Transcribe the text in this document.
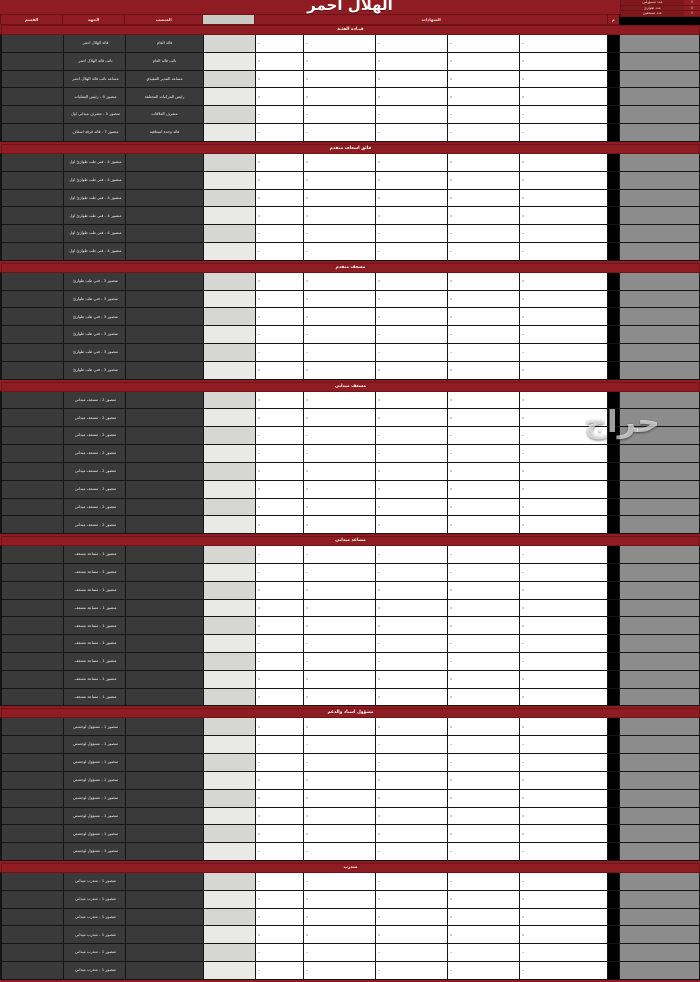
الهلال احمر	0
عدد مسؤولين
0
عدد طوارئ
0
عدد مسعفين
	م	الشهادات		المنصب	الجهة	القسم
قيـادة الفئـة											
								قائد العام	قائد الهلال احمر		
								نائب قائد العام	نائب قائد الهلال احمر		
								مساعد المدير التنفيذي	مساعد نائب قائد الهلال احمر		
								رئيس المركبات المختلفة	منصور 9 - رئيس العمليات		
								مشرف العلاقات	منصور 5 - مشرف ميداني اول		
								قائد وحدة اسعافية	منصور 7 - قائد فرقة اسعاف		
فائق اسعاف متقدم											
									منصور 4 - فني طب طوارئ اول		
									منصور 4 - فني طب طوارئ اول		
									منصور 4 - فني طب طوارئ اول		
									منصور 4 - فني طب طوارئ اول		
									منصور 4 - فني طب طوارئ اول		
									منصور 4 - فني طب طوارئ اول		
مسعف متقدم											
									منصور 3 - فني طب طوارئ		
									منصور 3 - فني طب طوارئ		
									منصور 3 - فني طب طوارئ		
									منصور 3 - فني طب طوارئ		
									منصور 3 - فني طب طوارئ		
									منصور 3 - فني طب طوارئ		
مسعف ميداني											
									منصور 2 - مسعف ميداني		
									منصور 2 - مسعف ميداني		
									منصور 2 - مسعف ميداني		
									منصور 2 - مسعف ميداني		
									منصور 2 - مسعف ميداني		
									منصور 2 - مسعف ميداني		
									منصور 2 - مسعف ميداني		
									منصور 2 - مسعف ميداني		
مساعد ميداني											
									منصور 1 - مساعد مسعف		
									منصور 1 - مساعد مسعف		
									منصور 1 - مساعد مسعف		
									منصور 1 - مساعد مسعف		
									منصور 1 - مساعد مسعف		
									منصور 1 - مساعد مسعف		
									منصور 1 - مساعد مسعف		
									منصور 1 - مساعد مسعف		
									منصور 1 - مساعد مسعف		
مسؤول اسناد والدعم											
									منصور 1 - مسؤول لوجستي		
									منصور 1 - مسؤول لوجستي		
									منصور 1 - مسؤول لوجستي		
									منصور 1 - مسؤول لوجستي		
									منصور 1 - مسؤول لوجستي		
									منصور 1 - مسؤول لوجستي		
									منصور 1 - مسؤول لوجستي		
									منصور 1 - مسؤول لوجستي		
متدرب											
									منصور 1 - متدرب ميداني		
									منصور 1 - متدرب ميداني		
									منصور 1 - متدرب ميداني		
									منصور 1 - متدرب ميداني		
									منصور 1 - متدرب ميداني		
									منصور 1 - متدرب ميداني		
حراج
